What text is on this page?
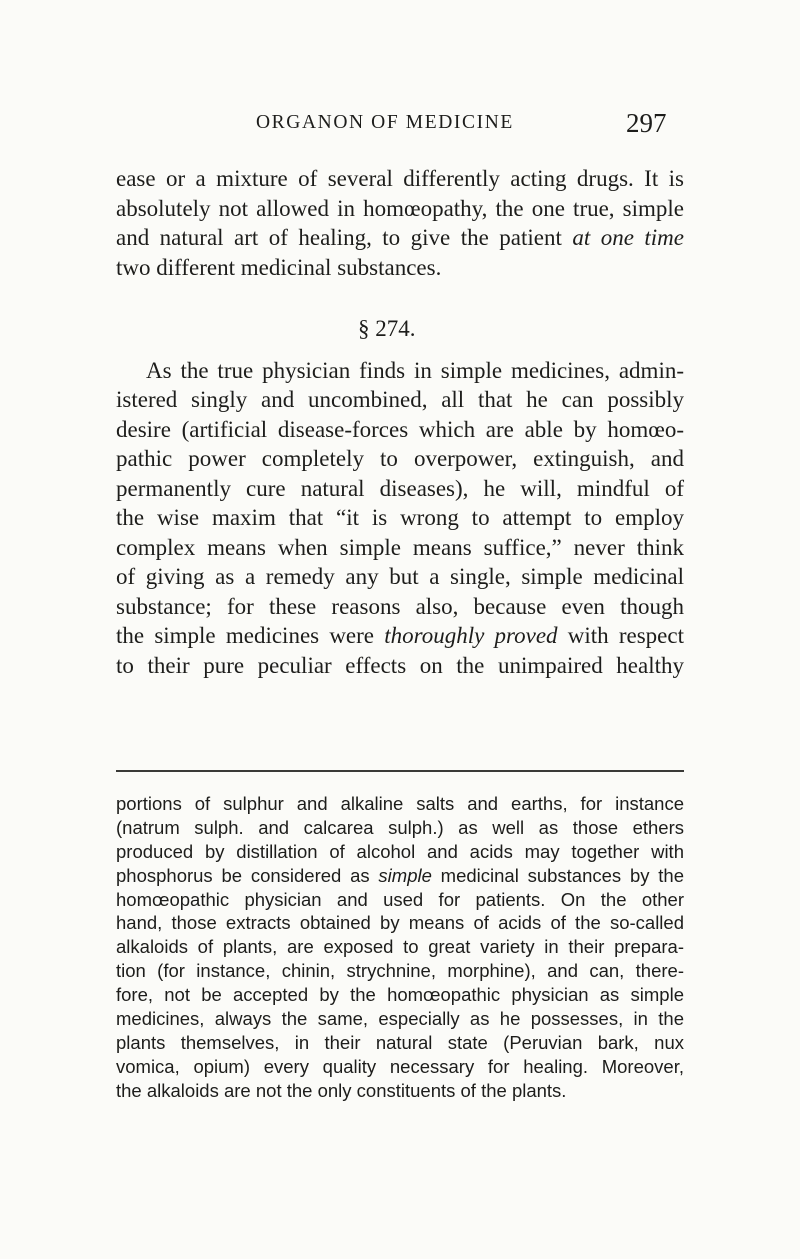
ORGANON OF MEDICINE	297
ease or a mixture of several differently acting drugs. It is
absolutely not allowed in homœopathy, the one true, simple
and natural art of healing, to give the patient at one time
two different medicinal substances.
§ 274.
As the true physician finds in simple medicines, admin-
istered singly and uncombined, all that he can possibly
desire (artificial disease-forces which are able by homœo-
pathic power completely to overpower, extinguish, and
permanently cure natural diseases), he will, mindful of
the wise maxim that “it is wrong to attempt to employ
complex means when simple means suffice,” never think
of giving as a remedy any but a single, simple medicinal
substance; for these reasons also, because even though
the simple medicines were thoroughly proved with respect
to their pure peculiar effects on the unimpaired healthy
portions of sulphur and alkaline salts and earths, for instance
(natrum sulph. and calcarea sulph.) as well as those ethers
produced by distillation of alcohol and acids may together with
phosphorus be considered as simple medicinal substances by the
homœopathic physician and used for patients. On the other
hand, those extracts obtained by means of acids of the so-called
alkaloids of plants, are exposed to great variety in their prepara-
tion (for instance, chinin, strychnine, morphine), and can, there-
fore, not be accepted by the homœopathic physician as simple
medicines, always the same, especially as he possesses, in the
plants themselves, in their natural state (Peruvian bark, nux
vomica, opium) every quality necessary for healing. Moreover,
the alkaloids are not the only constituents of the plants.
